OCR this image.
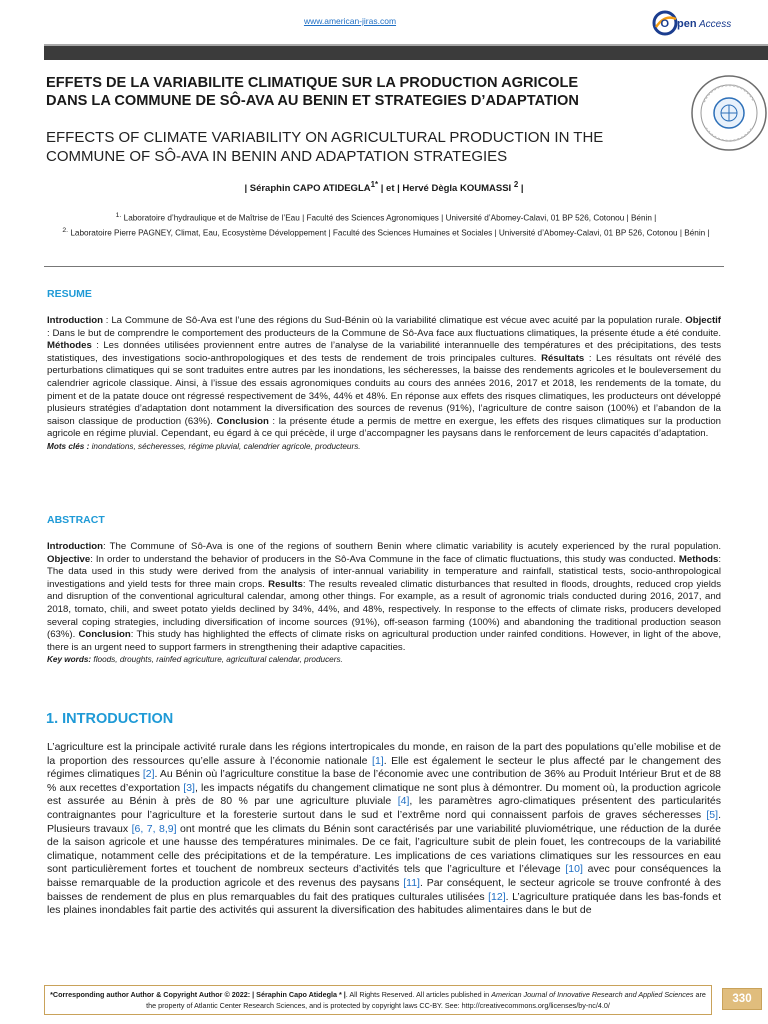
www.american-jiras.com	O pen Access
EFFETS DE LA VARIABILITE CLIMATIQUE SUR LA PRODUCTION AGRICOLE
DANS LA COMMUNE DE SÔ-AVA AU BENIN ET STRATEGIES D’ADAPTATION
EFFECTS OF CLIMATE VARIABILITY ON AGRICULTURAL PRODUCTION IN THE
COMMUNE OF SÔ-AVA IN BENIN AND ADAPTATION STRATEGIES
| Séraphin CAPO $ATIDEGLA^{1*}$ | et | Hervé Dègla KOUMASSI $^2$ |
$^{1.}$ Laboratoire d’hydraulique et de Maîtrise de l’Eau | Faculté des Sciences Agronomiques | Université d’Abomey-Calavi, 01 BP 526, Cotonou | Bénin |
$^{2.}$ Laboratoire Pierre PAGNEY, Climat, Eau, Ecosystème Développement | Faculté des Sciences Humaines et Sociales | Université d’Abomey-Calavi, 01 BP 526, Cotonou | Bénin |
RESUME
Introduction : La Commune de Sô-Ava est l’une des régions du Sud-Bénin où la variabilité climatique est vécue avec acuité par la population rurale. Objectif : Dans le but de comprendre le comportement des producteurs de la Commune de Sô-Ava face aux fluctuations climatiques, la présente étude a été conduite. Méthodes : Les données utilisées proviennent entre autres de l’analyse de la variabilité interannuelle des températures et des précipitations, des tests statistiques, des investigations socio-anthropologiques et des tests de rendement de trois principales cultures. Résultats : Les résultats ont révélé des perturbations climatiques qui se sont traduites entre autres par les inondations, les sécheresses, la baisse des rendements agricoles et le bouleversement du calendrier agricole classique. Ainsi, à l’issue des essais agronomiques conduits au cours des années 2016, 2017 et 2018, les rendements de la tomate, du piment et de la patate douce ont régressé respectivement de 34%, 44% et 48%. En réponse aux effets des risques climatiques, les producteurs ont développé plusieurs stratégies d’adaptation dont notamment la diversification des sources de revenus (91%), l’agriculture de contre saison (100%) et l’abandon de la saison classique de production (63%). Conclusion : la présente étude a permis de mettre en exergue, les effets des risques climatiques sur la production agricole en régime pluvial. Cependant, eu égard à ce qui précède, il urge d’accompagner les paysans dans le renforcement de leurs capacités d’adaptation.
Mots clés : inondations, sécheresses, régime pluvial, calendrier agricole, producteurs.
ABSTRACT
Introduction: The Commune of Sô-Ava is one of the regions of southern Benin where climatic variability is acutely experienced by the rural population. Objective: In order to understand the behavior of producers in the Sô-Ava Commune in the face of climatic fluctuations, this study was conducted. Methods: The data used in this study were derived from the analysis of inter-annual variability in temperature and rainfall, statistical tests, socio-anthropological investigations and yield tests for three main crops. Results: The results revealed climatic disturbances that resulted in floods, droughts, reduced crop yields and disruption of the conventional agricultural calendar, among other things. For example, as a result of agronomic trials conducted during 2016, 2017, and 2018, tomato, chili, and sweet potato yields declined by 34%, 44%, and 48%, respectively. In response to the effects of climate risks, producers developed several coping strategies, including diversification of income sources (91%), off-season farming (100%) and abandoning the traditional production season (63%). Conclusion: This study has highlighted the effects of climate risks on agricultural production under rainfed conditions. However, in light of the above, there is an urgent need to support farmers in strengthening their adaptive capacities.
Key words: floods, droughts, rainfed agriculture, agricultural calendar, producers.
1. INTRODUCTION
L’agriculture est la principale activité rurale dans les régions intertropicales du monde, en raison de la part des populations qu’elle mobilise et de la proportion des ressources qu’elle assure à l’économie nationale [1]. Elle est également le secteur le plus affecté par le changement des régimes climatiques [2]. Au Bénin où l’agriculture constitue la base de l’économie avec une contribution de 36% au Produit Intérieur Brut et de 88 % aux recettes d’exportation [3], les impacts négatifs du changement climatique ne sont plus à démontrer. Du moment où, la production agricole est assurée au Bénin à près de 80 % par une agriculture pluviale [4], les paramètres agro-climatiques présentent des particularités contraignantes pour l’agriculture et la foresterie surtout dans le sud et l’extrême nord qui connaissent parfois de graves sécheresses [5]. Plusieurs travaux [6, 7, 8,9] ont montré que les climats du Bénin sont caractérisés par une variabilité pluviométrique, une réduction de la durée de la saison agricole et une hausse des températures minimales. De ce fait, l’agriculture subit de plein fouet, les contrecoups de la variabilité climatique, notamment celle des précipitations et de la température. Les implications de ces variations climatiques sur les ressources en eau sont particulièrement fortes et touchent de nombreux secteurs d’activités tels que l’agriculture et l’élevage [10] avec pour conséquences la baisse remarquable de la production agricole et des revenus des paysans [11]. Par conséquent, le secteur agricole se trouve confronté à des baisses de rendement de plus en plus remarquables du fait des pratiques culturales utilisées [12]. L’agriculture pratiquée dans les bas-fonds et les plaines inondables fait partie des activités qui assurent la diversification des habitudes alimentaires dans le but de
*Corresponding author Author & Copyright Author © 2022: | Séraphin Capo Atidegla * |. All Rights Reserved. All articles published in American Journal of Innovative Research and Applied Sciences are the property of Atlantic Center Research Sciences, and is protected by copyright laws CC-BY. See: http://creativecommons.org/licenses/by-nc/4.0/
330
